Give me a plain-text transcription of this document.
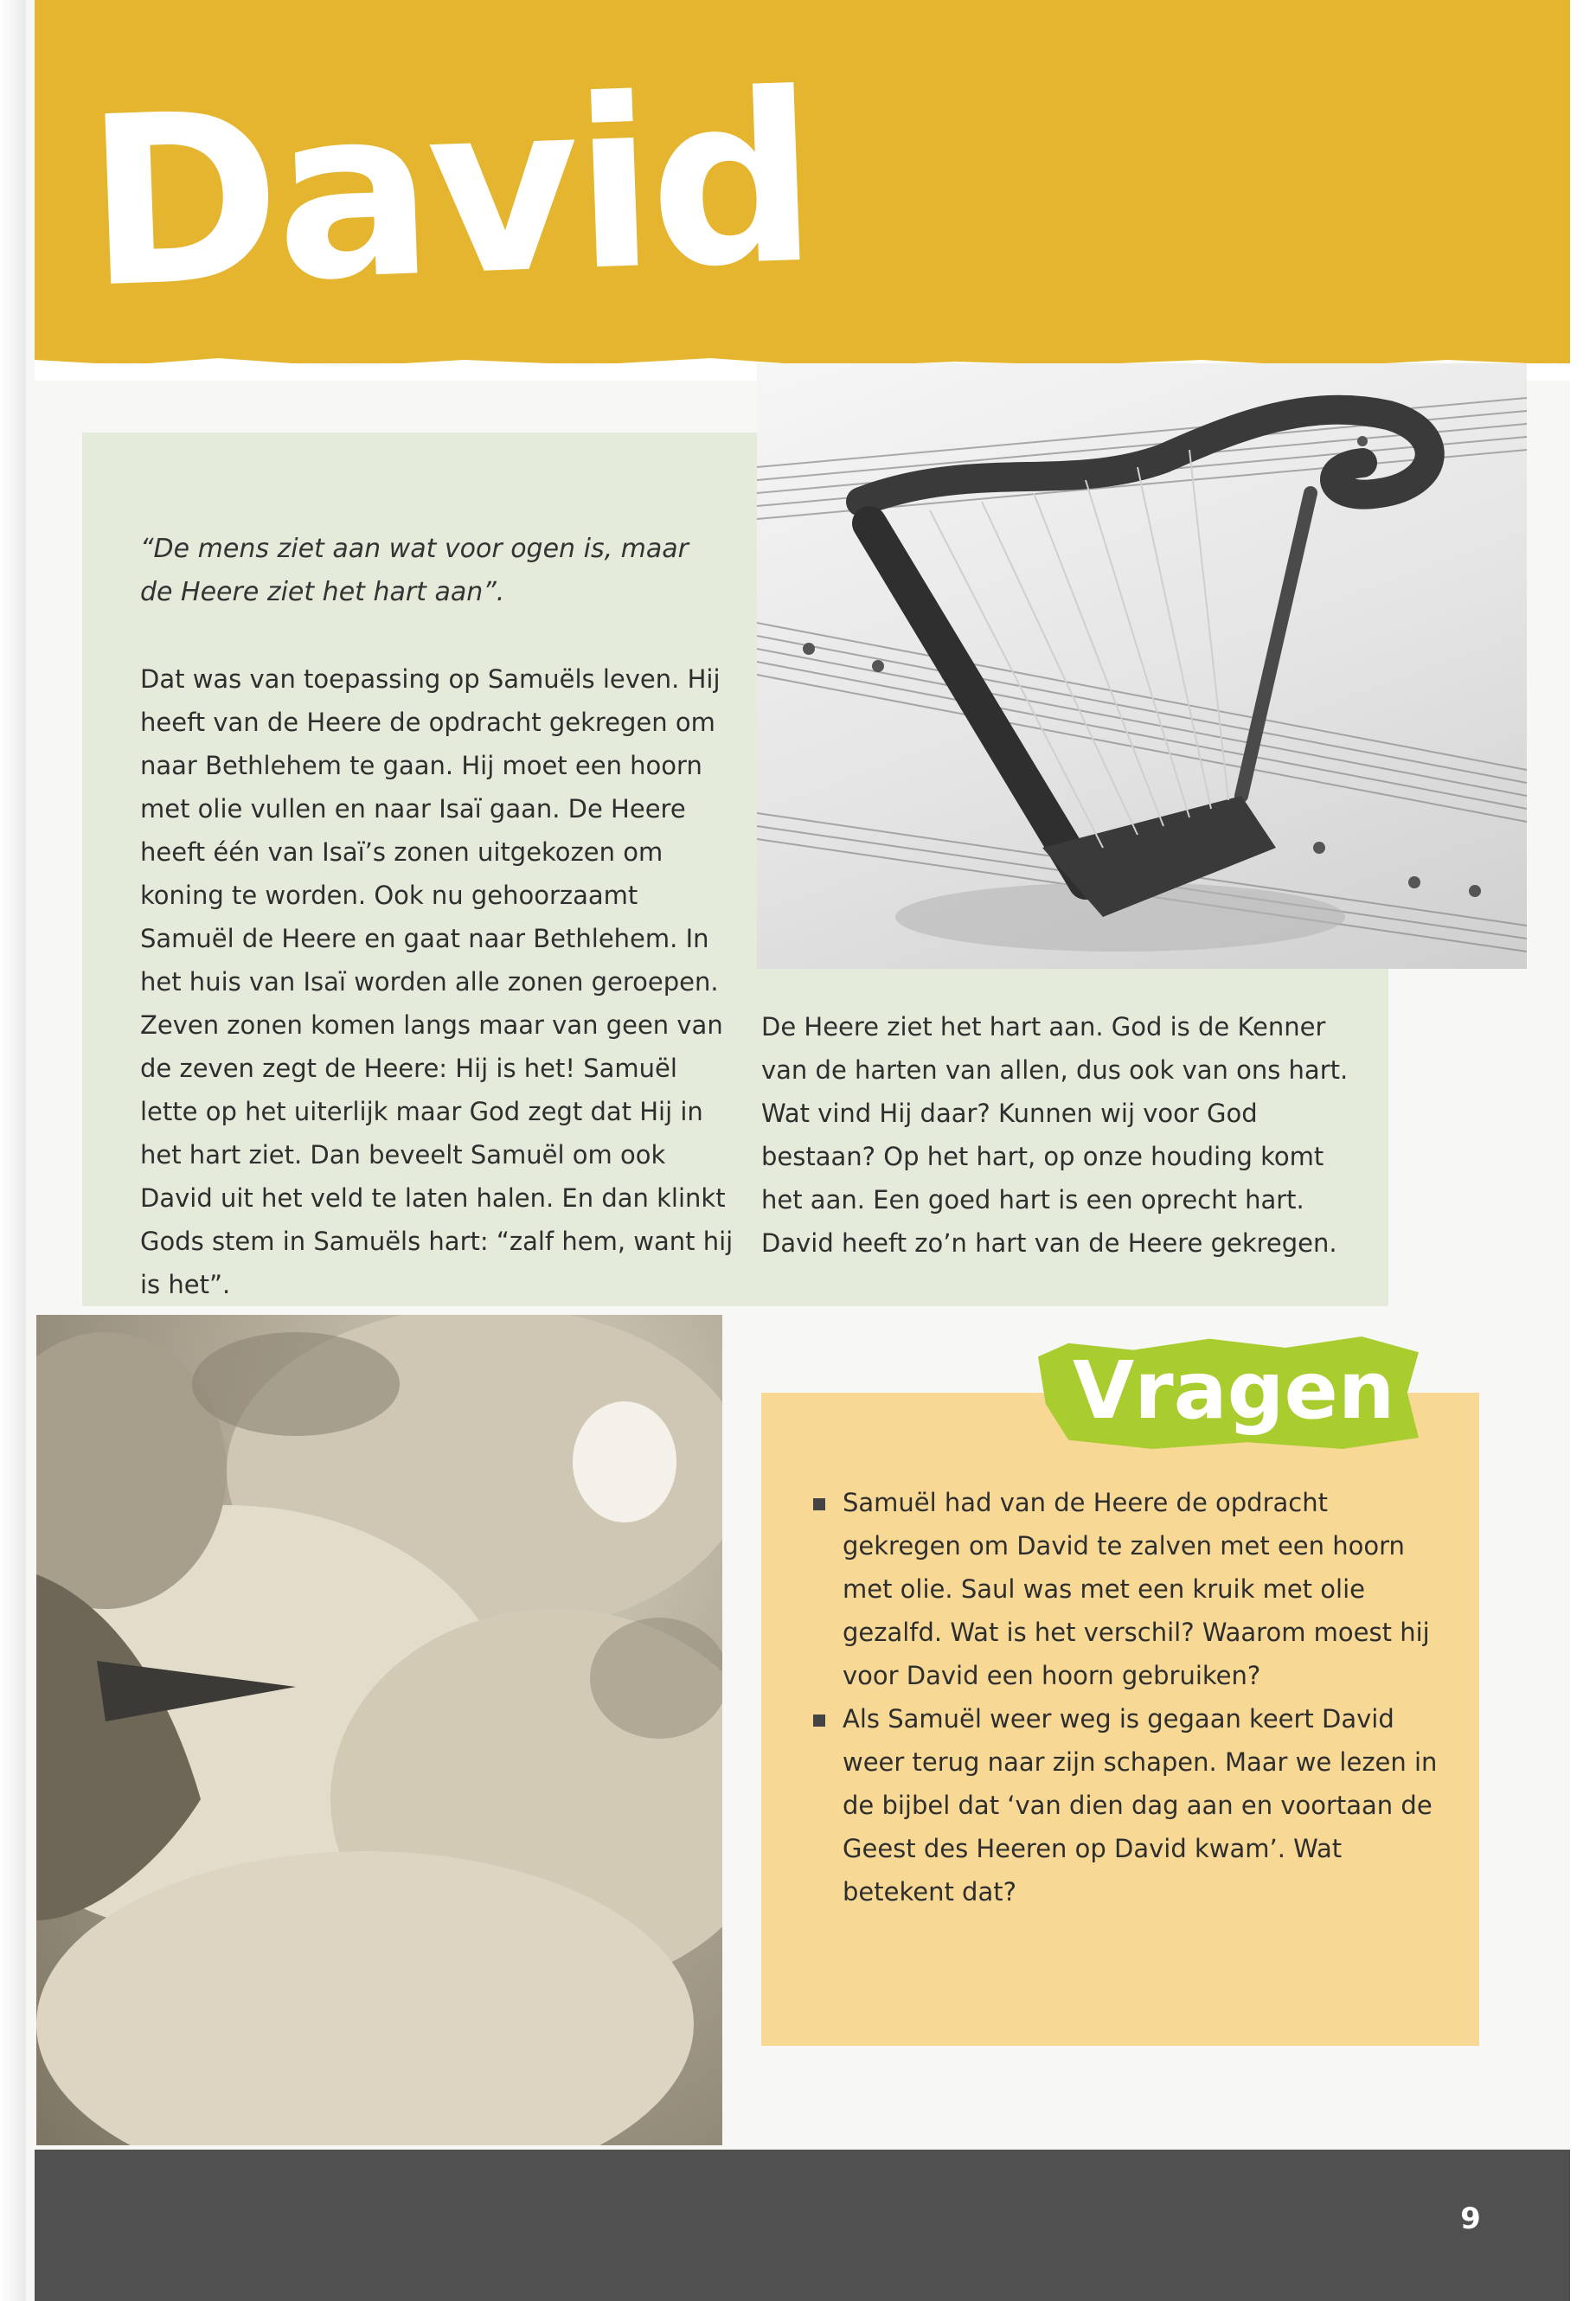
David
“De mens ziet aan wat voor ogen is, maar de Heere ziet het hart aan”.
Dat was van toepassing op Samuëls leven. Hij heeft van de Heere de opdracht gekregen om naar Bethlehem te gaan. Hij moet een hoorn met olie vullen en naar Isaï gaan. De Heere heeft één van Isaï’s zonen uitgekozen om koning te worden. Ook nu gehoorzaamt Samuël de Heere en gaat naar Bethlehem. In het huis van Isaï worden alle zonen geroepen. Zeven zonen komen langs maar van geen van de zeven zegt de Heere: Hij is het! Samuël lette op het uiterlijk maar God zegt dat Hij in het hart ziet. Dan beveelt Samuël om ook David uit het veld te laten halen. En dan klinkt Gods stem in Samuëls hart: “zalf hem, want hij is het”.
De Heere ziet het hart aan. God is de Kenner van de harten van allen, dus ook van ons hart. Wat vind Hij daar? Kunnen wij voor God bestaan? Op het hart, op onze houding komt het aan. Een goed hart is een oprecht hart. David heeft zo’n hart van de Heere gekregen.
Vragen
Samuël had van de Heere de opdracht gekregen om David te zalven met een hoorn met olie. Saul was met een kruik met olie gezalfd. Wat is het verschil? Waarom moest hij voor David een hoorn gebruiken?
Als Samuël weer weg is gegaan keert David weer terug naar zijn schapen. Maar we lezen in de bijbel dat ‘van dien dag aan en voortaan de Geest des Heeren op David kwam’. Wat betekent dat?
9
